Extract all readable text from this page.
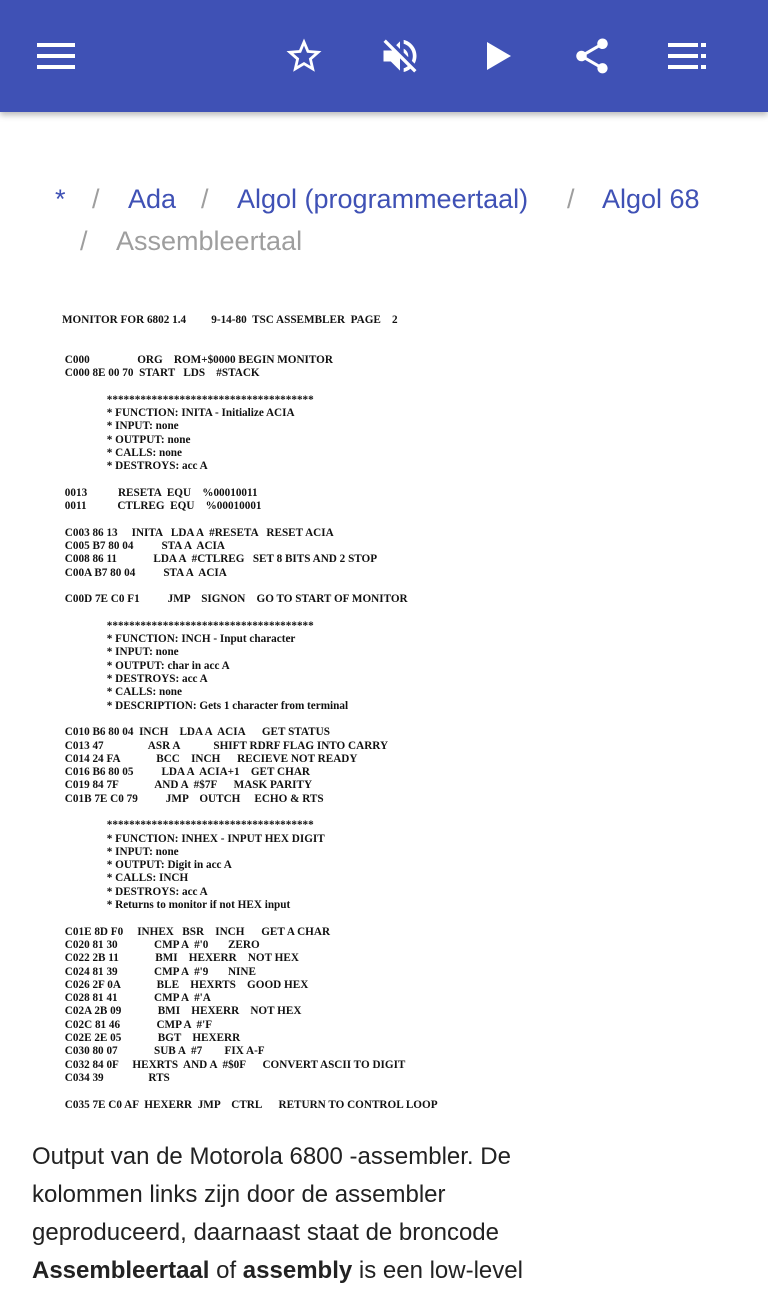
* / Ada / Algol (programmeertaal) / Algol 68
/ Assembleertaal
MONITOR FOR 6802 1.4         9-14-80  TSC ASSEMBLER  PAGE    2

C000                 ORG    ROM+$0000 BEGIN MONITOR
C000 8E 00 70  START   LDS    #STACK

*************************************
* FUNCTION: INITA - Initialize ACIA
* INPUT: none
* OUTPUT: none
* CALLS: none
* DESTROYS: acc A

0013           RESETA  EQU    %00010011
0011           CTLREG  EQU    %00010001

C003 86 13     INITA   LDA A  #RESETA   RESET ACIA
C005 B7 80 04          STA A  ACIA
C008 86 11             LDA A  #CTLREG   SET 8 BITS AND 2 STOP
C00A B7 80 04          STA A  ACIA

C00D 7E C0 F1          JMP    SIGNON    GO TO START OF MONITOR

*************************************
* FUNCTION: INCH - Input character
* INPUT: none
* OUTPUT: char in acc A
* DESTROYS: acc A
* CALLS: none
* DESCRIPTION: Gets 1 character from terminal

C010 B6 80 04  INCH    LDA A  ACIA      GET STATUS
C013 47                ASR A            SHIFT RDRF FLAG INTO CARRY
C014 24 FA             BCC    INCH      RECIEVE NOT READY
C016 B6 80 05          LDA A  ACIA+1    GET CHAR
C019 84 7F             AND A  #$7F      MASK PARITY
C01B 7E C0 79          JMP    OUTCH     ECHO & RTS

*************************************
* FUNCTION: INHEX - INPUT HEX DIGIT
* INPUT: none
* OUTPUT: Digit in acc A
* CALLS: INCH
* DESTROYS: acc A
* Returns to monitor if not HEX input

C01E 8D F0     INHEX   BSR    INCH      GET A CHAR
C020 81 30             CMP A  #'0       ZERO
C022 2B 11             BMI    HEXERR    NOT HEX
C024 81 39             CMP A  #'9       NINE
C026 2F 0A             BLE    HEXRTS    GOOD HEX
C028 81 41             CMP A  #'A
C02A 2B 09             BMI    HEXERR    NOT HEX
C02C 81 46             CMP A  #'F
C02E 2E 05             BGT    HEXERR
C030 80 07             SUB A  #7        FIX A-F
C032 84 0F     HEXRTS  AND A  #$0F      CONVERT ASCII TO DIGIT
C034 39                RTS

C035 7E C0 AF  HEXERR  JMP    CTRL      RETURN TO CONTROL LOOP

Output van de Motorola 6800 -assembler. De kolommen links zijn door de assembler geproduceerd, daarnaast staat de broncode

Assembleertaal of assembly is een low-level
